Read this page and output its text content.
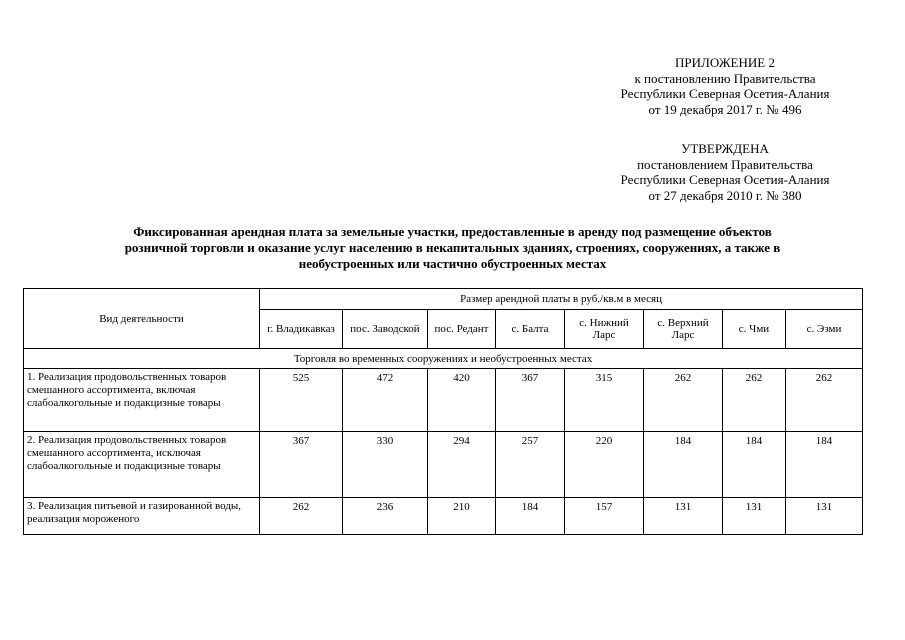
ПРИЛОЖЕНИЕ 2
к постановлению Правительства
Республики Северная Осетия-Алания
от 19 декабря 2017 г. № 496
УТВЕРЖДЕНА
постановлением Правительства
Республики Северная Осетия-Алания
от 27 декабря 2010 г. № 380
Фиксированная арендная плата за земельные участки, предоставленные в аренду под размещение объектов
розничной торговли и оказание услуг населению в некапитальных зданиях, строениях, сооружениях, а также в
необустроенных или частично обустроенных местах
Вид деятельности	Размер арендной платы в руб./кв.м в месяц							
	г. Владикавказ	пос. Заводской	пос. Редант	с. Балта	с. Нижний Ларс	с. Верхний Ларс	с. Чми	с. Эзми
Торговля во временных сооружениях и необустроенных местах								
1. Реализация продовольственных товаров смешанного ассортимента, включая слабоалкогольные и подакцизные товары	525	472	420	367	315	262	262	262
2. Реализация продовольственных товаров смешанного ассортимента, исключая слабоалкогольные и подакцизные товары	367	330	294	257	220	184	184	184
3. Реализация питьевой и газированной воды, реализация мороженого	262	236	210	184	157	131	131	131
